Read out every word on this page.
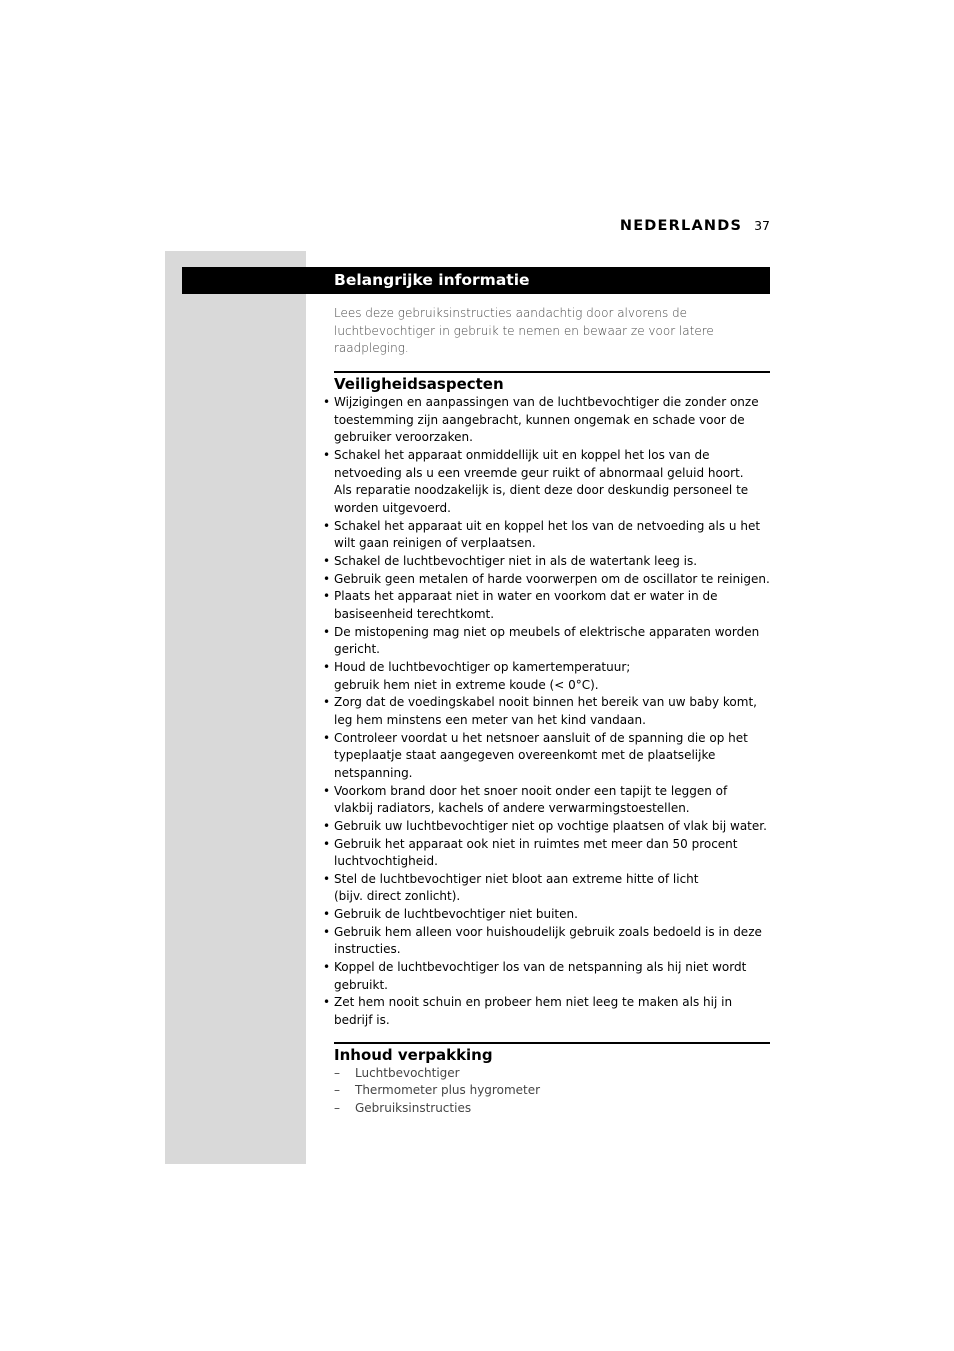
NEDERLANDS 37
Belangrijke informatie

Lees deze gebruiksinstructies aandachtig door alvorens de luchtbevochtiger in gebruik te nemen en bewaar ze voor latere raadpleging.

Veiligheidsaspecten
• Wijzigingen en aanpassingen van de luchtbevochtiger die zonder onze toestemming zijn aangebracht, kunnen ongemak en schade voor de gebruiker veroorzaken.
• Schakel het apparaat onmiddellijk uit en koppel het los van de netvoeding als u een vreemde geur ruikt of abnormaal geluid hoort.
Als reparatie noodzakelijk is, dient deze door deskundig personeel te worden uitgevoerd.
• Schakel het apparaat uit en koppel het los van de netvoeding als u het wilt gaan reinigen of verplaatsen.
• Schakel de luchtbevochtiger niet in als de watertank leeg is.
• Gebruik geen metalen of harde voorwerpen om de oscillator te reinigen.
• Plaats het apparaat niet in water en voorkom dat er water in de basiseenheid terechtkomt.
• De mistopening mag niet op meubels of elektrische apparaten worden gericht.
• Houd de luchtbevochtiger op kamertemperatuur;
gebruik hem niet in extreme koude (< 0°C).
• Zorg dat de voedingskabel nooit binnen het bereik van uw baby komt, leg hem minstens een meter van het kind vandaan.
• Controleer voordat u het netsnoer aansluit of de spanning die op het typeplaatje staat aangegeven overeenkomt met de plaatselijke netspanning.
• Voorkom brand door het snoer nooit onder een tapijt te leggen of vlakbij radiators, kachels of andere verwarmingstoestellen.
• Gebruik uw luchtbevochtiger niet op vochtige plaatsen of vlak bij water.
• Gebruik het apparaat ook niet in ruimtes met meer dan 50 procent luchtvochtigheid.
• Stel de luchtbevochtiger niet bloot aan extreme hitte of licht
(bijv. direct zonlicht).
• Gebruik de luchtbevochtiger niet buiten.
• Gebruik hem alleen voor huishoudelijk gebruik zoals bedoeld is in deze instructies.
• Koppel de luchtbevochtiger los van de netspanning als hij niet wordt gebruikt.
• Zet hem nooit schuin en probeer hem niet leeg te maken als hij in bedrijf is.
Inhoud verpakking
– Luchtbevochtiger
– Thermometer plus hygrometer
– Gebruiksinstructies
